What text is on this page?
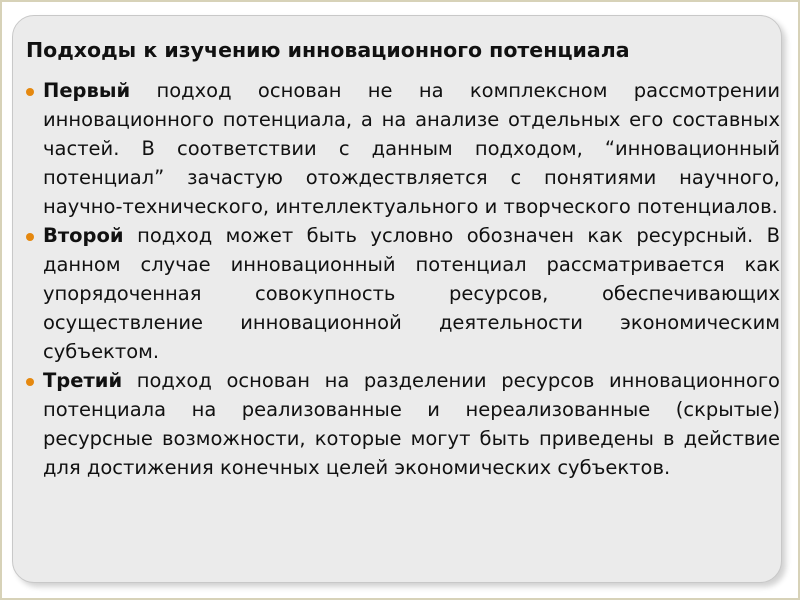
Подходы к изучению инновационного потенциала
Первый подход основан не на комплексном рассмотрении инновационного потенциала, а на анализе отдельных его составных частей. В соответствии с данным подходом, “инновационный потенциал” зачастую отождествляется с понятиями научного, научно-технического, интеллектуального и творческого потенциалов.
Второй подход может быть условно обозначен как ресурсный. В данном случае инновационный потенциал рассматривается как упорядоченная совокупность ресурсов, обеспечивающих осуществление инновационной деятельности экономическим субъектом.
Третий подход основан на разделении ресурсов инновационного потенциала на реализованные и нереализованные (скрытые) ресурсные возможности, которые могут быть приведены в действие для достижения конечных целей экономических субъектов.
